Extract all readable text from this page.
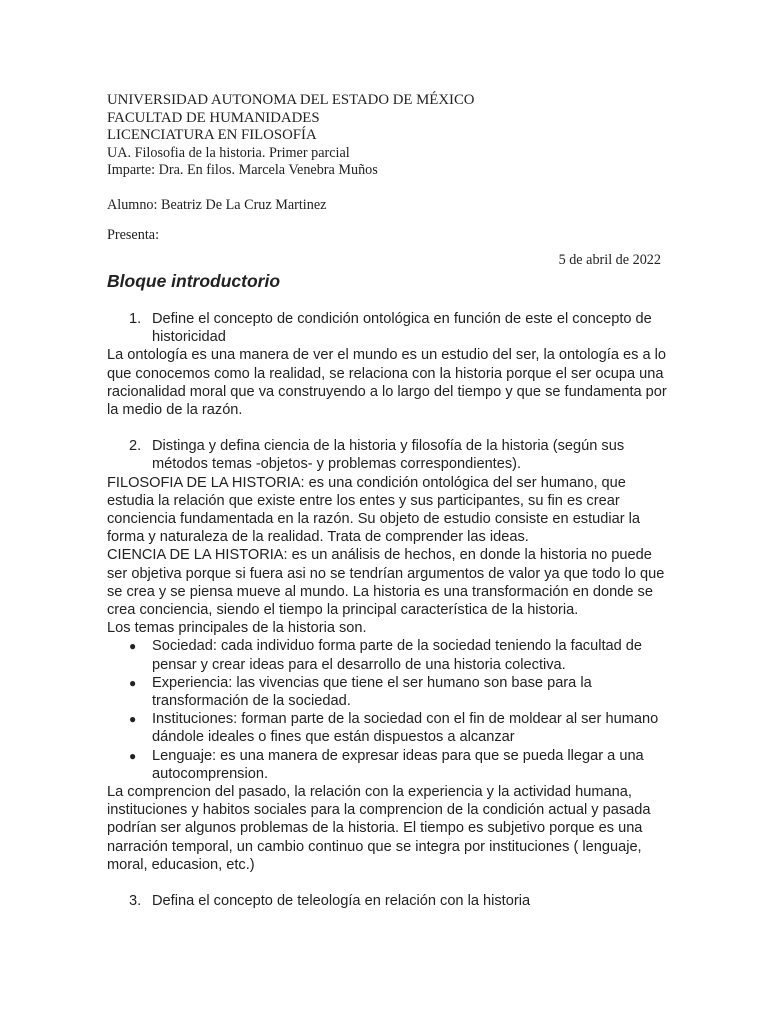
UNIVERSIDAD AUTONOMA DEL ESTADO DE MÉXICO
FACULTAD DE HUMANIDADES
LICENCIATURA EN FILOSOFÍA
UA. Filosofia de la historia. Primer parcial
Imparte: Dra. En filos. Marcela Venebra Muños
Alumno: Beatriz De La Cruz Martinez
Presenta:
5 de abril de 2022
Bloque introductorio
1. Define el concepto de condición ontológica en función de este el concepto de historicidad

La ontología es una manera de ver el mundo es un estudio del ser, la ontología es a lo que conocemos como la realidad, se relaciona con la historia porque el ser ocupa una racionalidad moral que va construyendo a lo largo del tiempo y que se fundamenta por la medio de la razón.

2. Distinga y defina ciencia de la historia y filosofía de la historia (según sus métodos temas -objetos- y problemas correspondientes).

FILOSOFIA DE LA HISTORIA: es una condición ontológica del ser humano, que estudia la relación que existe entre los entes y sus participantes, su fin es crear conciencia fundamentada en la razón. Su objeto de estudio consiste en estudiar la forma y naturaleza de la realidad. Trata de comprender las ideas.

CIENCIA DE LA HISTORIA: es un análisis de hechos, en donde la historia no puede ser objetiva porque si fuera asi no se tendrían argumentos de valor ya que todo lo que se crea y se piensa mueve al mundo. La historia es una transformación en donde se crea conciencia, siendo el tiempo la principal característica de la historia.

Los temas principales de la historia son.

●	Sociedad: cada individuo forma parte de la sociedad teniendo la facultad de pensar y crear ideas para el desarrollo de una historia colectiva.
●	Experiencia: las vivencias que tiene el ser humano son base para la transformación de la sociedad.
●	Instituciones: forman parte de la sociedad con el fin de moldear al ser humano dándole ideales o fines que están dispuestos a alcanzar
●	Lenguaje: es una manera de expresar ideas para que se pueda llegar a una autocomprension.

La comprencion del pasado, la relación con la experiencia y la actividad humana, instituciones y habitos sociales para la comprencion de la condición actual y pasada podrían ser algunos problemas de la historia. El tiempo es subjetivo porque es una narración temporal, un cambio continuo que se integra por instituciones ( lenguaje, moral, educasion, etc.)

3. Defina el concepto de teleología en relación con la historia
